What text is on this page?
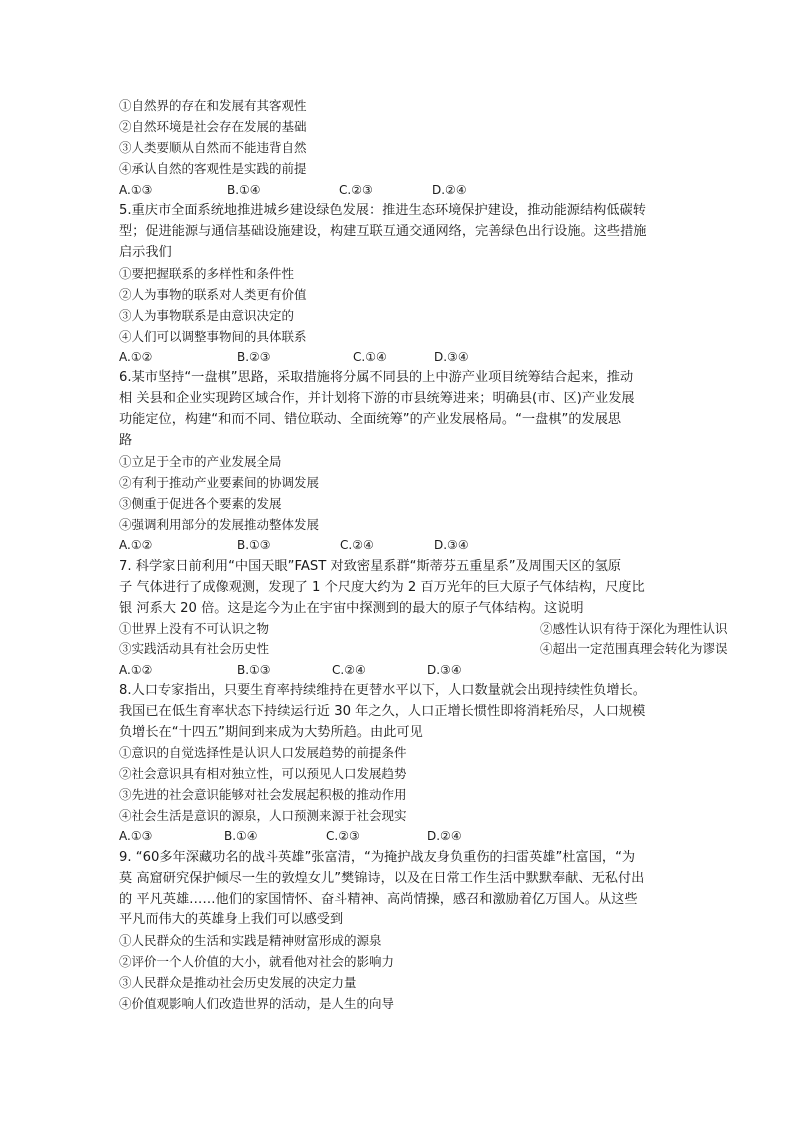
①自然界的存在和发展有其客观性
②自然环境是社会存在发展的基础
③人类要顺从自然而不能违背自然
④承认自然的客观性是实践的前提
A.①③	B.①④	C.②③	D.②④
5.重庆市全面系统地推进城乡建设绿色发展：推进生态环境保护建设，推动能源结构低碳转
型；促进能源与通信基础设施建设，构建互联互通交通网络，完善绿色出行设施。这些措施
启示我们
①要把握联系的多样性和条件性
②人为事物的联系对人类更有价值
③人为事物联系是由意识决定的
④人们可以调整事物间的具体联系
A.①②	B.②③	C.①④	D.③④
6.某市坚持“一盘棋”思路，采取措施将分属不同县的上中游产业项目统筹结合起来，推动
相 关县和企业实现跨区域合作，并计划将下游的市县统筹进来；明确县(市、区)产业发展
功能定位，构建“和而不同、错位联动、全面统筹”的产业发展格局。“一盘棋”的发展思
路
①立足于全市的产业发展全局
②有利于推动产业要素间的协调发展
③侧重于促进各个要素的发展
④强调利用部分的发展推动整体发展
A.①②	B.①③	C.②④	D.③④
7. 科学家日前利用“中国天眼”FAST 对致密星系群“斯蒂芬五重星系”及周围天区的氢原
子 气体进行了成像观测，发现了 1 个尺度大约为 2 百万光年的巨大原子气体结构，尺度比
银 河系大 20 倍。这是迄今为止在宇宙中探测到的最大的原子气体结构。这说明
①世界上没有不可认识之物	②感性认识有待于深化为理性认识
③实践活动具有社会历史性	④超出一定范围真理会转化为谬误
A.①②	B.①③	C.②④	D.③④
8.人口专家指出，只要生育率持续维持在更替水平以下，人口数量就会出现持续性负增长。
我国已在低生育率状态下持续运行近 30 年之久，人口正增长惯性即将消耗殆尽，人口规模
负增长在“十四五”期间到来成为大势所趋。由此可见
①意识的自觉选择性是认识人口发展趋势的前提条件
②社会意识具有相对独立性，可以预见人口发展趋势
③先进的社会意识能够对社会发展起积极的推动作用
④社会生活是意识的源泉，人口预测来源于社会现实
A.①③	B.①④	C.②③	D.②④
9. “60多年深藏功名的战斗英雄”张富清，“为掩护战友身负重伤的扫雷英雄”杜富国，“为
莫 高窟研究保护倾尽一生的敦煌女儿”樊锦诗，以及在日常工作生活中默默奉献、无私付出
的 平凡英雄……他们的家国情怀、奋斗精神、高尚情操，感召和激励着亿万国人。从这些
平凡而伟大的英雄身上我们可以感受到
①人民群众的生活和实践是精神财富形成的源泉
②评价一个人价值的大小，就看他对社会的影响力
③人民群众是推动社会历史发展的决定力量
④价值观影响人们改造世界的活动，是人生的向导
